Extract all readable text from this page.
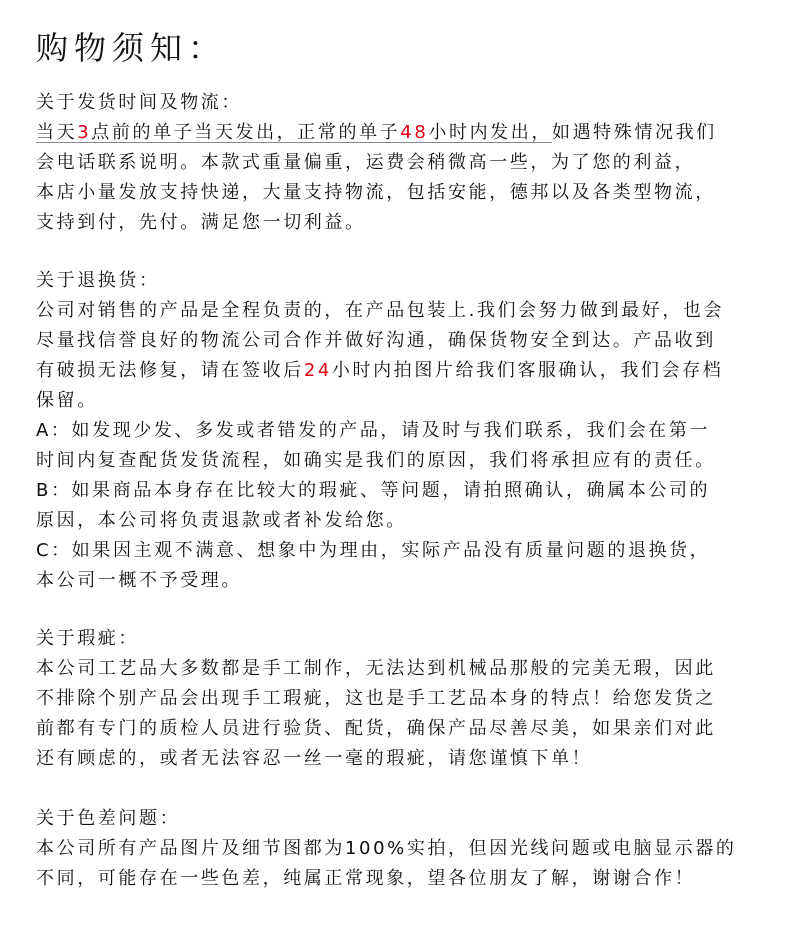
购物须知：
关于发货时间及物流：
当天3点前的单子当天发出，正常的单子48小时内发出，如遇特殊情况我们
会电话联系说明。本款式重量偏重，运费会稍微高一些，为了您的利益，
本店小量发放支持快递，大量支持物流，包括安能，德邦以及各类型物流，
支持到付，先付。满足您一切利益。
关于退换货：
公司对销售的产品是全程负责的，在产品包装上.我们会努力做到最好，也会
尽量找信誉良好的物流公司合作并做好沟通，确保货物安全到达。产品收到
有破损无法修复，请在签收后24小时内拍图片给我们客服确认，我们会存档
保留。
A：如发现少发、多发或者错发的产品，请及时与我们联系，我们会在第一
时间内复查配货发货流程，如确实是我们的原因，我们将承担应有的责任。
B：如果商品本身存在比较大的瑕疵、等问题，请拍照确认，确属本公司的
原因，本公司将负责退款或者补发给您。
C：如果因主观不满意、想象中为理由，实际产品没有质量问题的退换货，
本公司一概不予受理。
关于瑕疵：
本公司工艺品大多数都是手工制作，无法达到机械品那般的完美无瑕，因此
不排除个别产品会出现手工瑕疵，这也是手工艺品本身的特点！给您发货之
前都有专门的质检人员进行验货、配货，确保产品尽善尽美，如果亲们对此
还有顾虑的，或者无法容忍一丝一毫的瑕疵，请您谨慎下单！
关于色差问题：
本公司所有产品图片及细节图都为100%实拍，但因光线问题或电脑显示器的
不同，可能存在一些色差，纯属正常现象，望各位朋友了解，谢谢合作！
